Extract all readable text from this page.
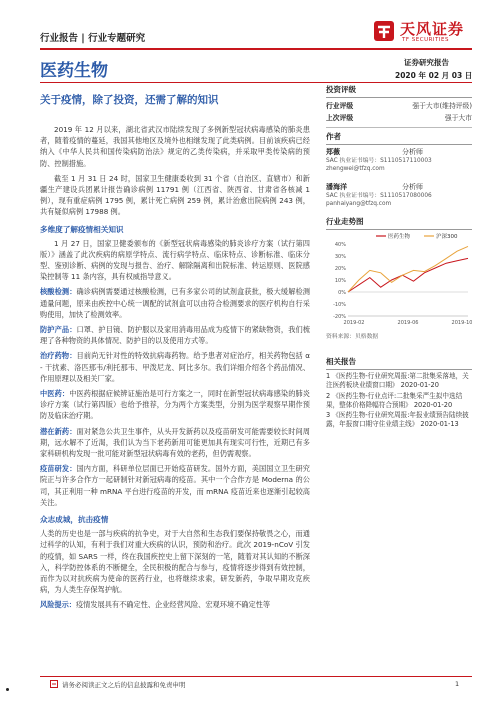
行业报告 | 行业专题研究
天风证券
TF SECURITIES
医药生物	证券研究报告
2020 年 02 月 03 日
关于疫情，除了投资，还需了解的知识

2019 年 12 月以来，湖北省武汉市陆续发现了多例新型冠状病毒感染的肺炎患者，随着疫情的蔓延，我国其他地区及境外也相继发现了此类病例。目前该疾病已经纳入《中华人民共和国传染病防治法》规定的乙类传染病，并采取甲类传染病的预防、控制措施。

截至 1 月 31 日 24 时，国家卫生健康委收到 31 个省（自治区、直辖市）和新疆生产建设兵团累计报告确诊病例 11791 例（江西省、陕西省、甘肃省各核减 1 例），现有重症病例 1795 例，累计死亡病例 259 例，累计治愈出院病例 243 例，共有疑似病例 17988 例。

多维度了解疫情相关知识

1 月 27 日，国家卫健委颁布的《新型冠状病毒感染的肺炎诊疗方案（试行第四版）》涵盖了此次疾病的病原学特点、流行病学特点、临床特点、诊断标准、临床分型、鉴别诊断、病例的发现与报告、治疗、解除隔离和出院标准、转运原则、医院感染控制等 11 条内容，具有权威指导意义。

核酸检测：确诊病例需要通过核酸检测，已有多家公司的试剂盒获批，极大缓解检测通量问题，原来由疾控中心统一调配的试剂盒可以由符合检测要求的医疗机构自行采购使用，加快了检测效率。

防护产品：口罩、护目镜、防护服以及家用消毒用品成为疫情下的紧缺物资，我们梳理了各种物资的具体情况、防护目的以及使用方式等。

治疗药物：目前尚无针对性的特效抗病毒药物。给予患者对症治疗，相关药物包括 α - 干扰素、洛匹那韦/利托那韦、甲泼尼龙、阿比多尔。我们详细介绍各个药品情况、作用原理以及相关厂家。

中医药：中医药根据症候辨证施治是可行方案之一，同时在新型冠状病毒感染的肺炎诊疗方案（试行第四版）也给予推荐，分为两个方案类型，分别为医学观察早期作预防及临床治疗期。

潜在新药：面对紧急公共卫生事件，从头开发新药以及疫苗研发可能需要较长时间周期，远水解不了近渴，我们认为当下老药新用可能更加具有现实可行性，近期已有多家科研机构发现一批可能对新型冠状病毒有效的老药，但仍需观察。

疫苗研发：国内方面，科研单位层面已开始疫苗研发。国外方面，美国国立卫生研究院正与许多合作方一起研制针对新冠病毒的疫苗。其中一个合作方是 Moderna 的公司，其正利用一种 mRNA 平台进行疫苗的开发，而 mRNA 疫苗近来也逐渐引起较高关注。

众志成城，抗击疫情

人类的历史也是一部与疾病的抗争史，对于大自然和生态我们要保持敬畏之心，而通过科学的认知，有利于我们对重大疾病的认识，预防和治疗。此次 2019-nCoV 引发的疫情，如 SARS 一样，终在我国疾控史上留下深刻的一笔，随着对其认知的不断深入，科学防控体系的不断健全，全民积极的配合与参与，疫情将逐步得到有效控制，而作为以对抗疾病为使命的医药行业，也将继续求索，研发新药，争取早期攻克疾病，为人类生存保驾护航。

风险提示：疫情发展具有不确定性、企业经营风险、宏观环境不确定性等

投资评级
行业评级	强于大市(维持评级)
上次评级	强于大市
作者
郑薇	分析师
SAC 执业证书编号：S1110517110003
zhengwei@tfzq.com
潘海洋	分析师
SAC 执业证书编号：S1110517080006
panhaiyang@tfzq.com
行业走势图
40%
30%
20%
10%
0%
-10%
-20%
2019-02	2019-06	2019-10
医药生物	沪深300
资料来源：贝格数据
相关报告
1 《医药生物-行业研究周报:第二批集采落地，关注医药板块业绩窗口期》 2020-01-20
2 《医药生物-行业点评:二批集采严生拟中选结果，整体价格降幅符合预期》 2020-01-20
3 《医药生物-行业研究周报:年报业绩预告陆续披露，年报窗口期守住业绩主线》 2020-01-13
请务必阅读正文之后的信息披露和免责申明	1
